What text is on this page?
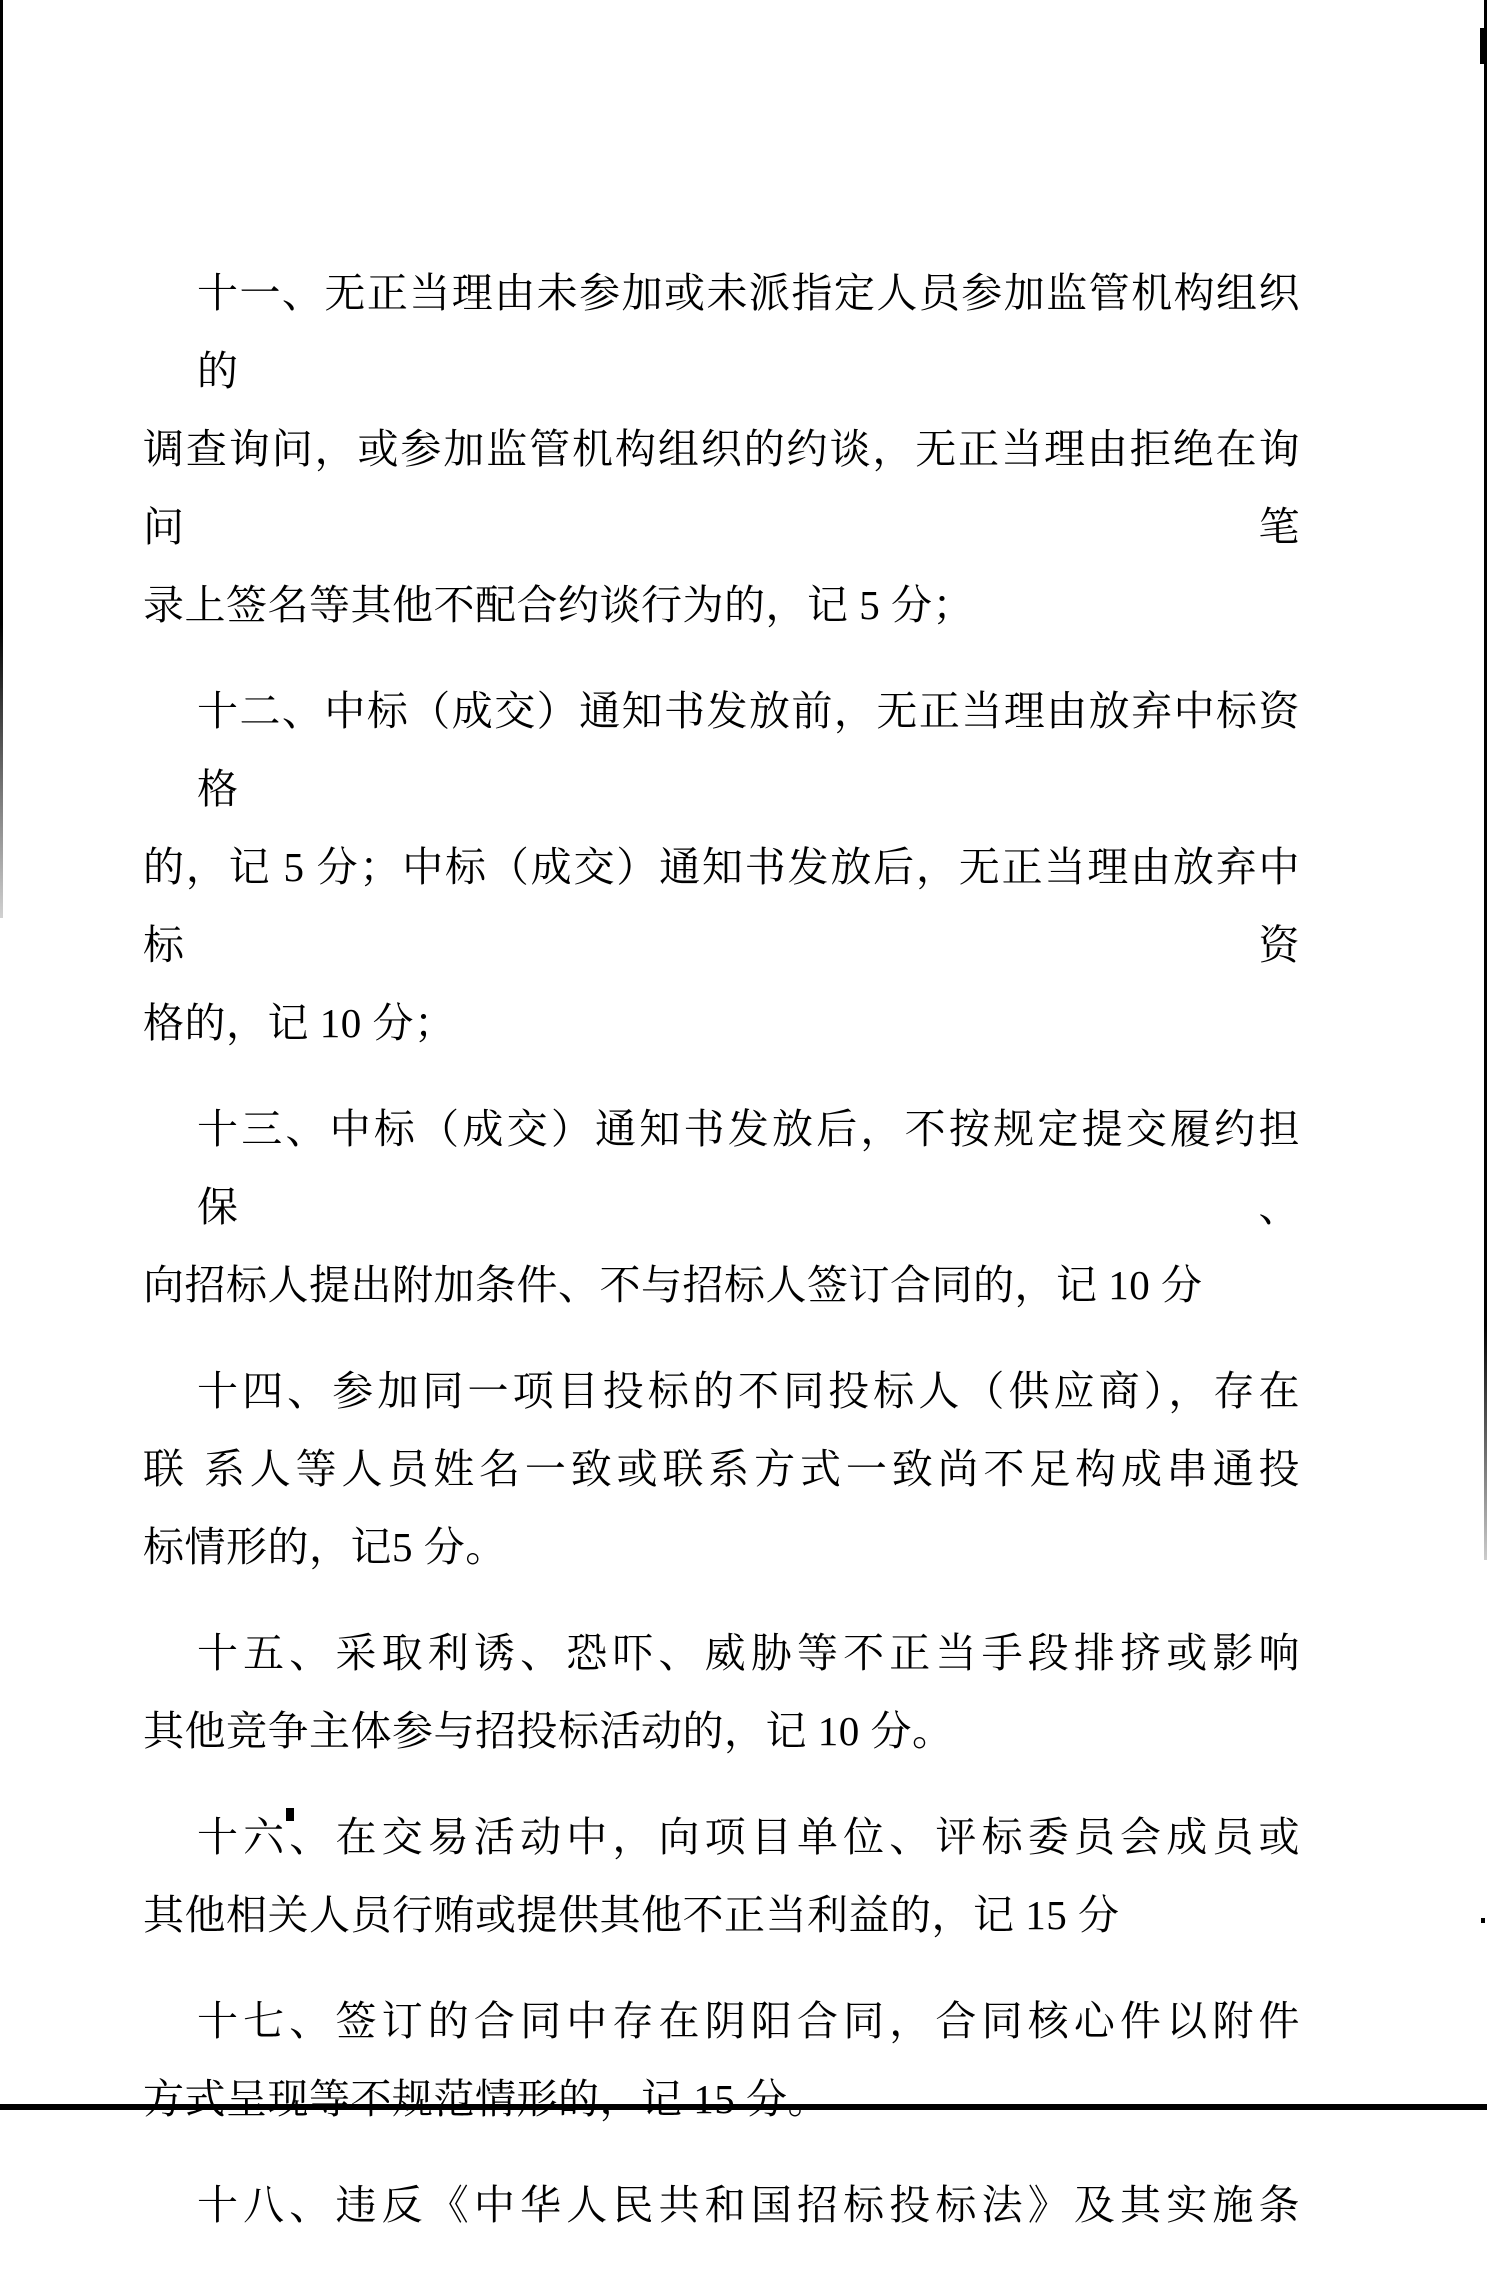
十一、无正当理由未参加或未派指定人员参加监管机构组织的
调查询问，或参加监管机构组织的约谈，无正当理由拒绝在询问笔
录上签名等其他不配合约谈行为的，记 5 分；

十二、中标（成交）通知书发放前，无正当理由放弃中标资格
的，记 5 分；中标（成交）通知书发放后，无正当理由放弃中标资
格的，记 10 分；

十三、中标（成交）通知书发放后，不按规定提交履约担保、
向招标人提出附加条件、不与招标人签订合同的，记 10 分

十四、参加同一项目投标的不同投标人（供应商），存在
联 系人等人员姓名一致或联系方式一致尚不足构成串通投
标情形的，记5 分。

十五、采取利诱、恐吓、威胁等不正当手段排挤或影响
其他竞争主体参与招投标活动的，记 10 分。

十六、在交易活动中，向项目单位、评标委员会成员或
其他相关人员行贿或提供其他不正当利益的，记 15 分

十七、签订的合同中存在阴阳合同，合同核心件以附件
方式呈现等不规范情形的，记 15 分。

十八、违反《中华人民共和国招标投标法》及其实施条
